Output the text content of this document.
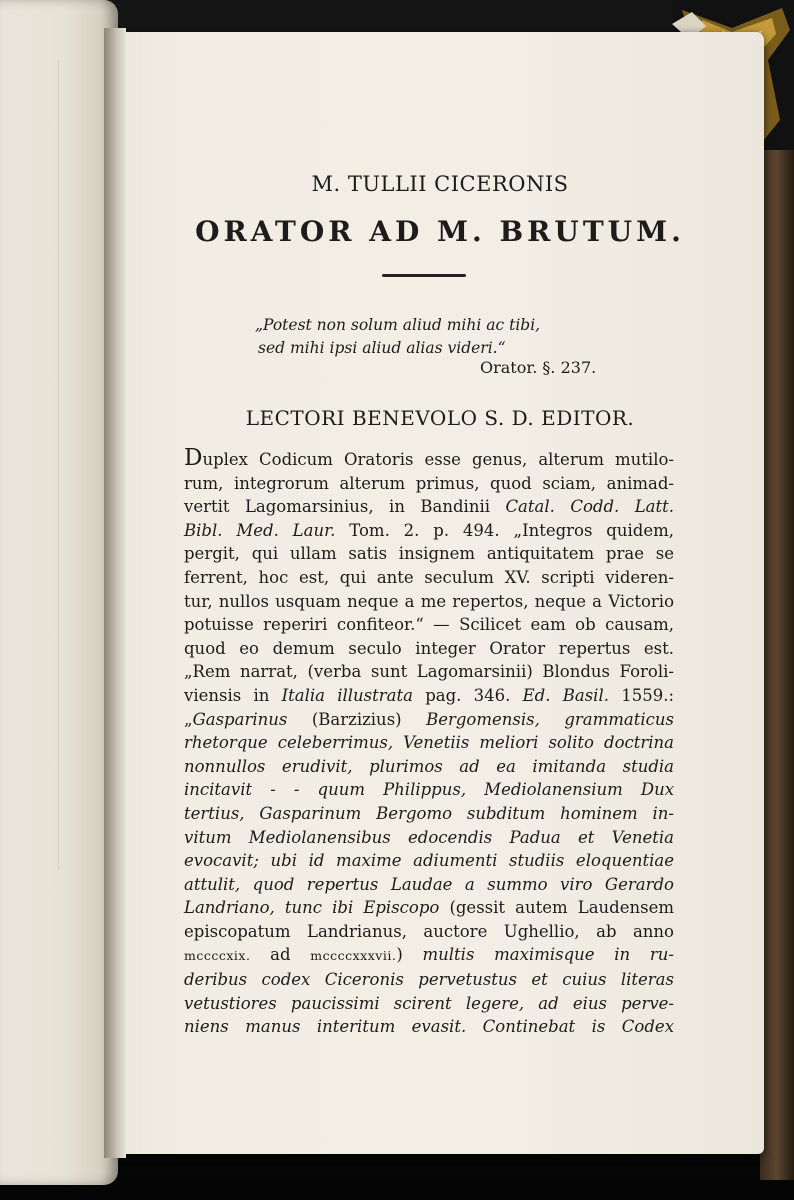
M. TULLII CICERONIS
ORATOR AD M. BRUTUM.
„Potest non solum aliud mihi ac tibi,
sed mihi ipsi aliud alias videri.“
Orator. §. 237.
LECTORI BENEVOLO S. D. EDITOR.
Duplex Codicum Oratoris esse genus, alterum mutilo-
rum, integrorum alterum primus, quod sciam, animad-
vertit Lagomarsinius, in Bandinii Catal. Codd. Latt.
Bibl. Med. Laur. Tom. 2. p. 494. „Integros quidem,
pergit, qui ullam satis insignem antiquitatem prae se
ferrent, hoc est, qui ante seculum XV. scripti videren-
tur, nullos usquam neque a me repertos, neque a Victorio
potuisse reperiri confiteor.“ — Scilicet eam ob causam,
quod eo demum seculo integer Orator repertus est.
„Rem narrat, (verba sunt Lagomarsinii) Blondus Foroli-
viensis in Italia illustrata pag. 346. Ed. Basil. 1559.:
„Gasparinus (Barzizius) Bergomensis, grammaticus
rhetorque celeberrimus, Venetiis meliori solito doctrina
nonnullos erudivit, plurimos ad ea imitanda studia
incitavit - - quum Philippus, Mediolanensium Dux
tertius, Gasparinum Bergomo subditum hominem in-
vitum Mediolanensibus edocendis Padua et Venetia
evocavit; ubi id maxime adiumenti studiis eloquentiae
attulit, quod repertus Laudae a summo viro Gerardo
Landriano, tunc ibi Episcopo (gessit autem Laudensem
episcopatum Landrianus, auctore Ughellio, ab anno
mccccxix. ad mccccxxxvii.) multis maximisque in ru-
deribus codex Ciceronis pervetustus et cuius literas
vetustiores paucissimi scirent legere, ad eius perve-
niens manus interitum evasit. Continebat is Codex
